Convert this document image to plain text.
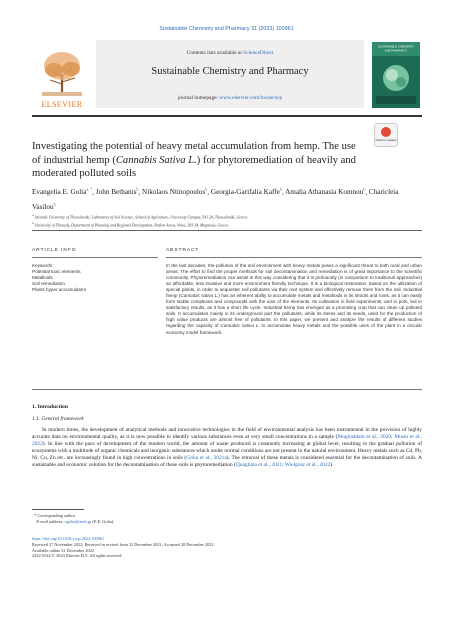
Sustainable Chemistry and Pharmacy 31 (2023) 100961
ELSEVIER
Contents lists available at ScienceDirect
Sustainable Chemistry and Pharmacy
journal homepage: www.elsevier.com/locate/scp
SUSTAINABLE CHEMISTRY
AND PHARMACY
Investigating the potential of heavy metal accumulation from hemp. The use of industrial hemp (Cannabis Sativa L.) for phytoremediation of heavily and moderated polluted soils
Check for updates
Evangelia E. Golia$^{a, *}$, John Bethanis$^b$, Nikolaos Ntinopoulos$^b$, Georgia-Garifalia Kaffe$^b$, Amalia Athanasia Komnou$^b$, Charicleia Vasilou$^b$
$^a$ Aristotle University of Thessaloniki, Laboratory of Soil Science, School of Agriculture, University Campus, 541 24, Thessaloniki, Greece
$^b$ University of Thessaly, Department of Planning and Regional Development, Pedion Areos, Volos, 383 34, Magnesia, Greece
ARTICLE INFO	ABSTRACT
Keywords:
Potential toxic elements
Metalloids
Soil remediation
Plants hyper accumulators
In the last decades, the pollution of the soil environment with heavy metals poses a significant threat to both rural and urban areas. The effort to find the proper methods for soil decontamination and remediation is of great importance to the scientific community. Phytoremediation can assist in this way considering that it is profoundly (in comparison to traditional approaches) an affordable, less invasive and more environment friendly technique. It is a biological restoration, based on the utilization of special plants, in order to sequester soil pollutants via their root system and effectively remove them from the soil. Industrial hemp (Cannabis sativa L.) has an inherent ability to accumulate metals and metalloids in its shoots and roots, as it can easily form stable complexes and compounds with the ions of the elements. Its cultivation in field experiments, and in pots, led to satisfactory results, as it has a short life cycle. Industrial hemp has emerged as a promising crop that can clean up polluted soils. It accumulates mainly in its underground part the pollutants, while its stems and its seeds, used for the production of high value products are almost free of pollutants. In this paper, we present and analyze the results of different studies regarding the capacity of Cannabis sativa L. to accumulate heavy metals and the possible uses of the plant in a circular economy model framework.
1. Introduction
1.1. General framework
In modern times, the development of analytical methods and innovative technologies in the field of environmental analysis has been instrumental in the provision of highly accurate data on environmental quality, as it is now possible to identify various substances even at very small concentrations in a sample (Moghaddam et al., 2020; Musio et al., 2022). In line with the pace of development of the modern world, the amount of waste produced is constantly increasing at global level, resulting in the gradual pollution of ecosystems with a multitude of organic chemicals and inorganic substances which under normal conditions are not present in the natural environment. Heavy metals such as Cd, Pb, Ni, Cu, Zn etc. are increasingly found in high concentrations in soils (Golia et al., 2021a). The removal of these metals is considered essential for the decontamination of soils. A sustainable and economic solution for the decontamination of these soils is phytoremediation (Quagliata et al., 2021; Wielgusz et al., 2022).
* Corresponding author.
E-mail address: egolia@auth.gr (E.E. Golia).
https://doi.org/10.1016/j.scp.2022.100961
Received 27 November 2022; Received in revised form 22 December 2022; Accepted 28 December 2022
Available online 31 December 2022
2352-5541/© 2023 Elsevier B.V. All rights reserved.
